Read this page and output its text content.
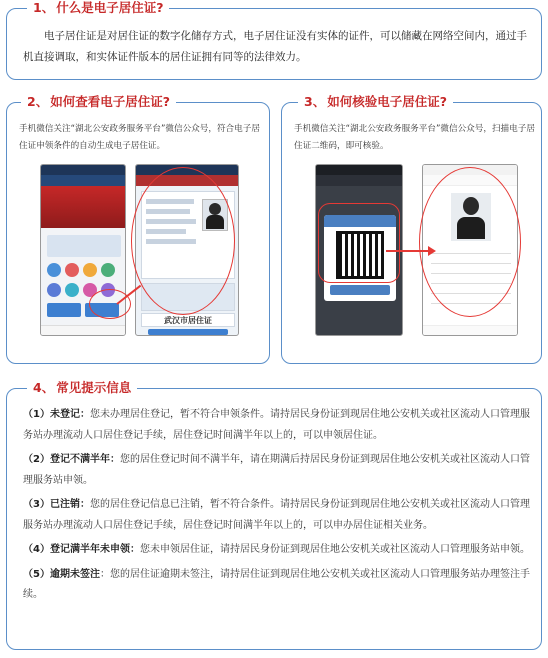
1、 什么是电子居住证?
电子居住证是对居住证的数字化储存方式，电子居住证没有实体的证件，可以储藏在网络空间内，通过手机直接调取，和实体证件版本的居住证拥有同等的法律效力。
2、 如何查看电子居住证?
手机微信关注“湖北公安政务服务平台”微信公众号，符合电子居住证申领条件的自动生成电子居住证。
武汉市居住证
3、 如何核验电子居住证?
手机微信关注“湖北公安政务服务平台”微信公众号，扫描电子居住证二维码，即可核验。
4、 常见提示信息
（1）未登记：您未办理居住登记，暂不符合申领条件。请持居民身份证到现居住地公安机关或社区流动人口管理服务站办理流动人口居住登记手续，居住登记时间满半年以上的，可以申领居住证。
（2）登记不满半年：您的居住登记时间不满半年，请在期满后持居民身份证到现居住地公安机关或社区流动人口管理服务站申领。
（3）已注销：您的居住登记信息已注销，暂不符合条件。请持居民身份证到现居住地公安机关或社区流动人口管理服务站办理流动人口居住登记手续，居住登记时间满半年以上的，可以申办居住证相关业务。
（4）登记满半年未申领：您未申领居住证，请持居民身份证到现居住地公安机关或社区流动人口管理服务站申领。
（5）逾期未签注：您的居住证逾期未签注，请持居住证到现居住地公安机关或社区流动人口管理服务站办理签注手续。
